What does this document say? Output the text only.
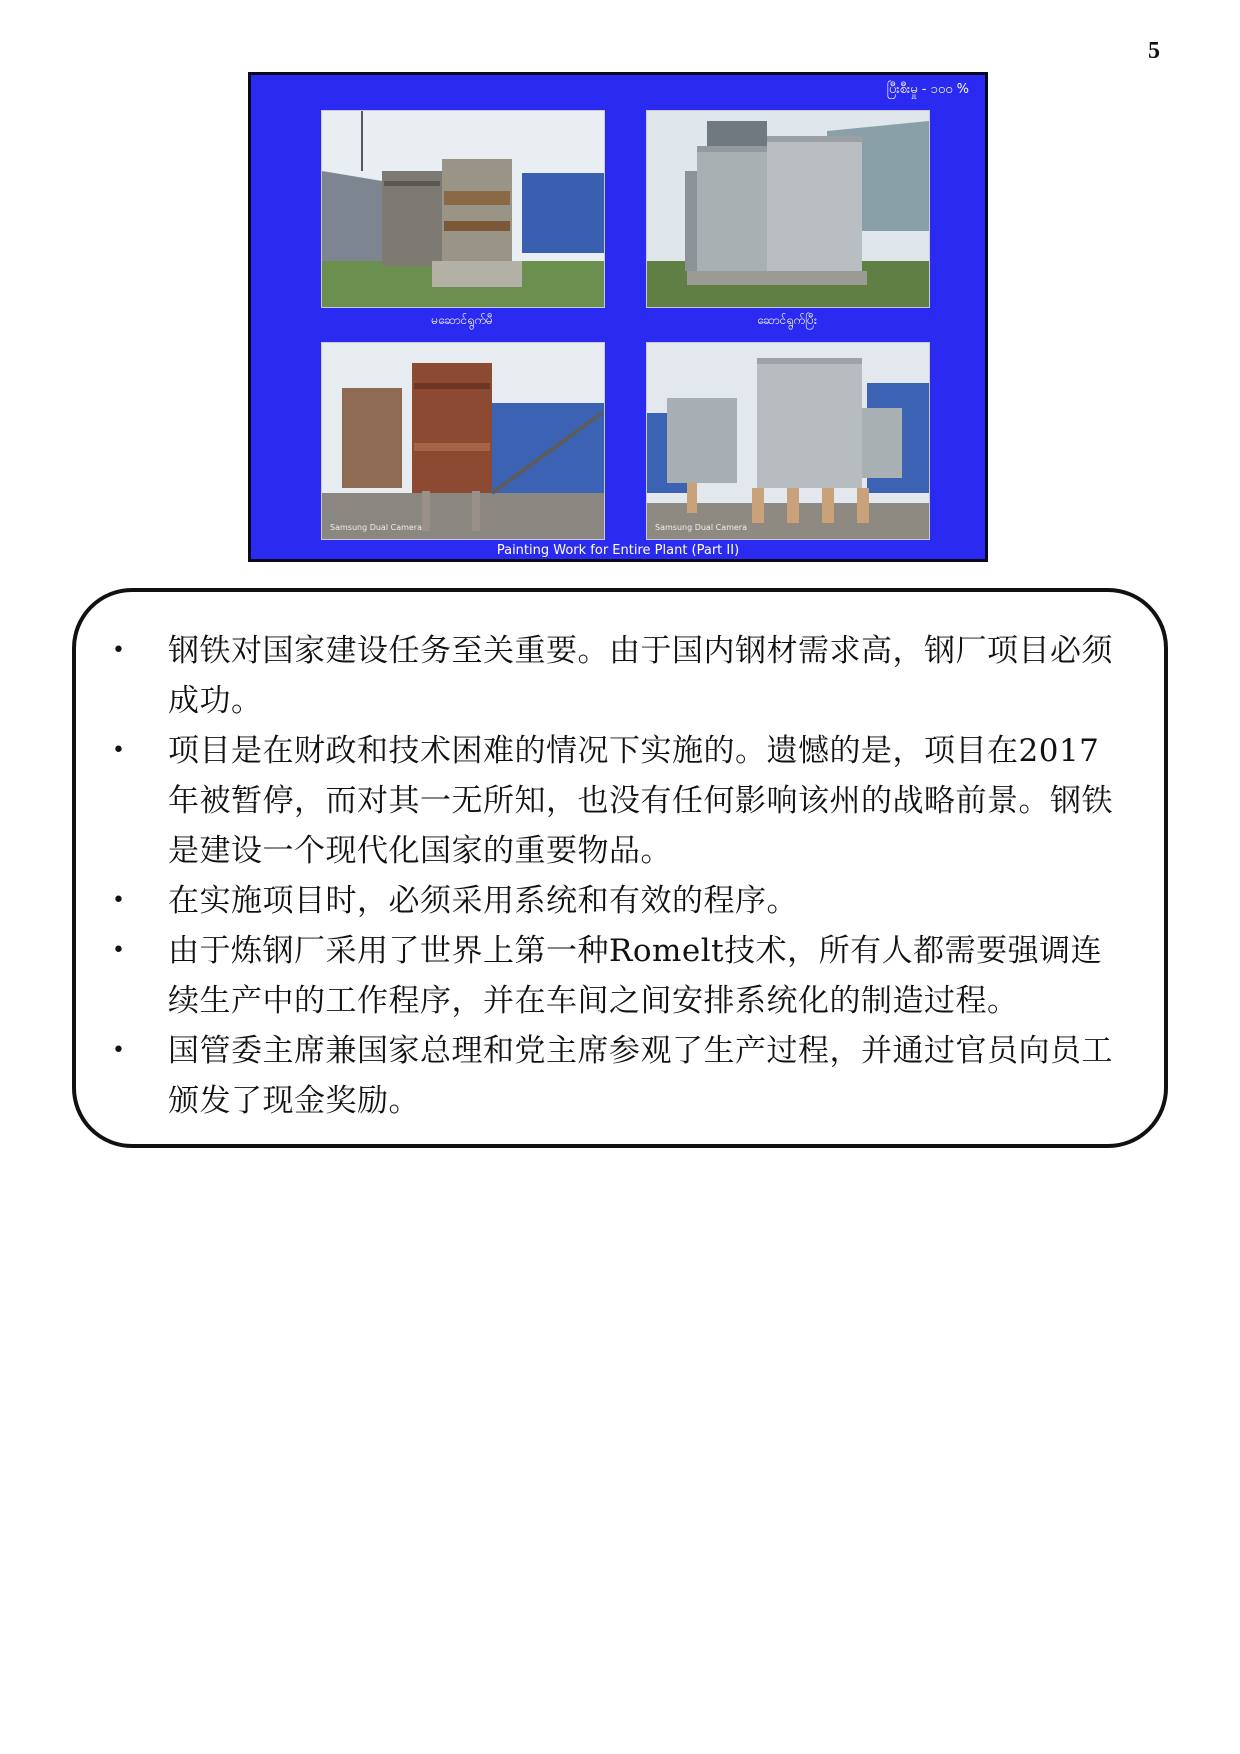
5
ပြီးစီးမှု - ၁၀၀ %
Samsung Dual Camera	Samsung Dual Camera
မဆောင်ရွက်မီ	ဆောင်ရွက်ပြီး
Painting Work for Entire Plant (Part II)
• 钢铁对国家建设任务至关重要。由于国内钢材需求高，钢厂项目必须成功。
• 项目是在财政和技术困难的情况下实施的。遗憾的是，项目在2017年被暂停，而对其一无所知，也没有任何影响该州的战略前景。钢铁是建设一个现代化国家的重要物品。
• 在实施项目时，必须采用系统和有效的程序。
• 由于炼钢厂采用了世界上第一种Romelt技术，所有人都需要强调连续生产中的工作程序，并在车间之间安排系统化的制造过程。
• 国管委主席兼国家总理和党主席参观了生产过程，并通过官员向员工颁发了现金奖励。
